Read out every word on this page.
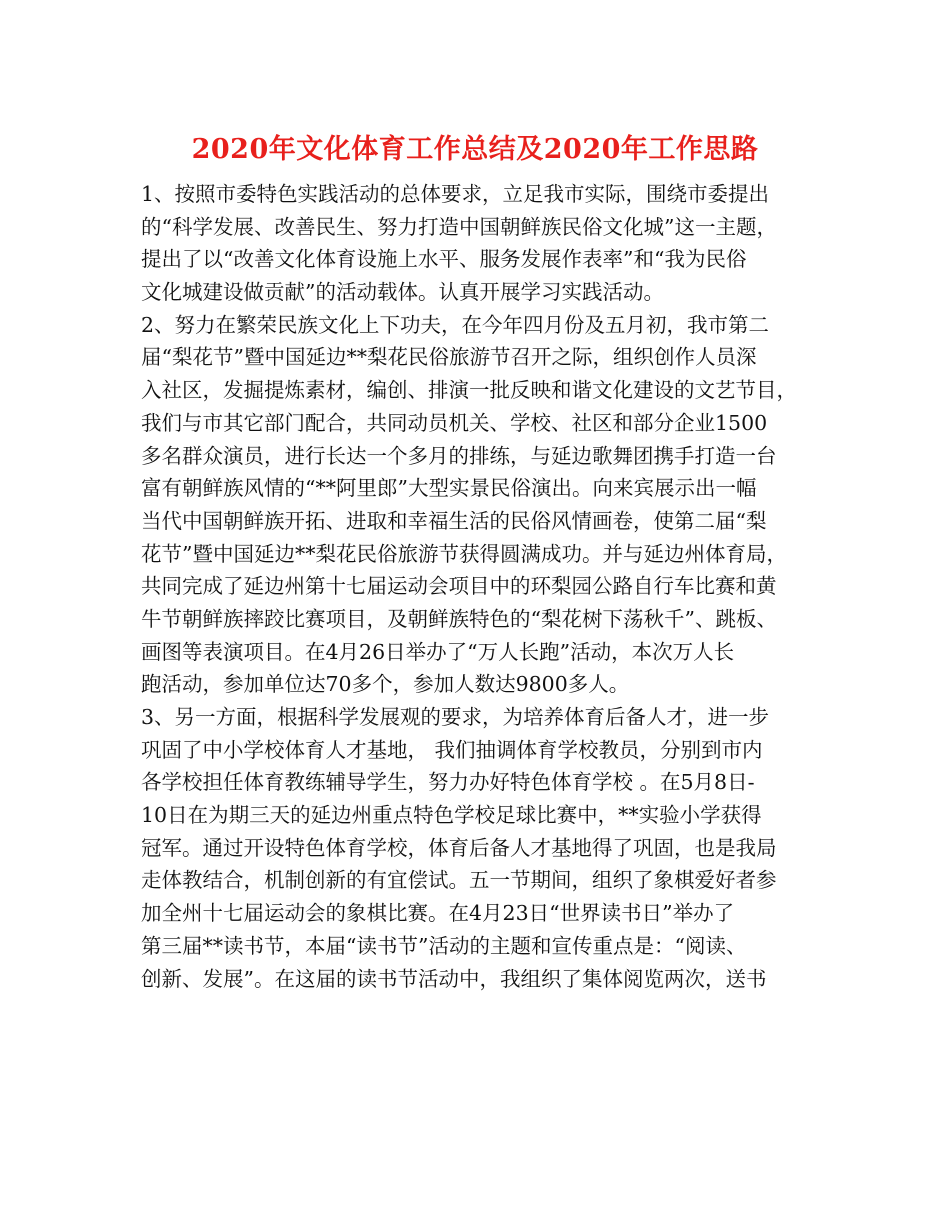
2020年文化体育工作总结及2020年工作思路

1、按照市委特色实践活动的总体要求，立足我市实际，围绕市委提出
的“科学发展、改善民生、努力打造中国朝鲜族民俗文化城”这一主题，
提出了以“改善文化体育设施上水平、服务发展作表率”和“我为民俗
文化城建设做贡献”的活动载体。认真开展学习实践活动。

2、努力在繁荣民族文化上下功夫，在今年四月份及五月初，我市第二
届“梨花节”暨中国延边**梨花民俗旅游节召开之际，组织创作人员深
入社区，发掘提炼素材，编创、排演一批反映和谐文化建设的文艺节目，
我们与市其它部门配合，共同动员机关、学校、社区和部分企业1500
多名群众演员，进行长达一个多月的排练，与延边歌舞团携手打造一台
富有朝鲜族风情的“**阿里郎”大型实景民俗演出。向来宾展示出一幅
当代中国朝鲜族开拓、进取和幸福生活的民俗风情画卷，使第二届“梨
花节”暨中国延边**梨花民俗旅游节获得圆满成功。并与延边州体育局，
共同完成了延边州第十七届运动会项目中的环梨园公路自行车比赛和黄
牛节朝鲜族摔跤比赛项目，及朝鲜族特色的“梨花树下荡秋千”、跳板、
画图等表演项目。在4月26日举办了“万人长跑”活动，本次万人长
跑活动，参加单位达70多个，参加人数达9800多人。

3、另一方面，根据科学发展观的要求，为培养体育后备人才，进一步
巩固了中小学校体育人才基地， 我们抽调体育学校教员，分别到市内
各学校担任体育教练辅导学生，努力办好特色体育学校 。在5月8日-
10日在为期三天的延边州重点特色学校足球比赛中，**实验小学获得
冠军。通过开设特色体育学校，体育后备人才基地得了巩固，也是我局
走体教结合，机制创新的有宜偿试。五一节期间，组织了象棋爱好者参
加全州十七届运动会的象棋比赛。在4月23日“世界读书日”举办了
第三届**读书节，本届“读书节”活动的主题和宣传重点是：“阅读、
创新、发展”。在这届的读书节活动中，我组织了集体阅览两次，送书
